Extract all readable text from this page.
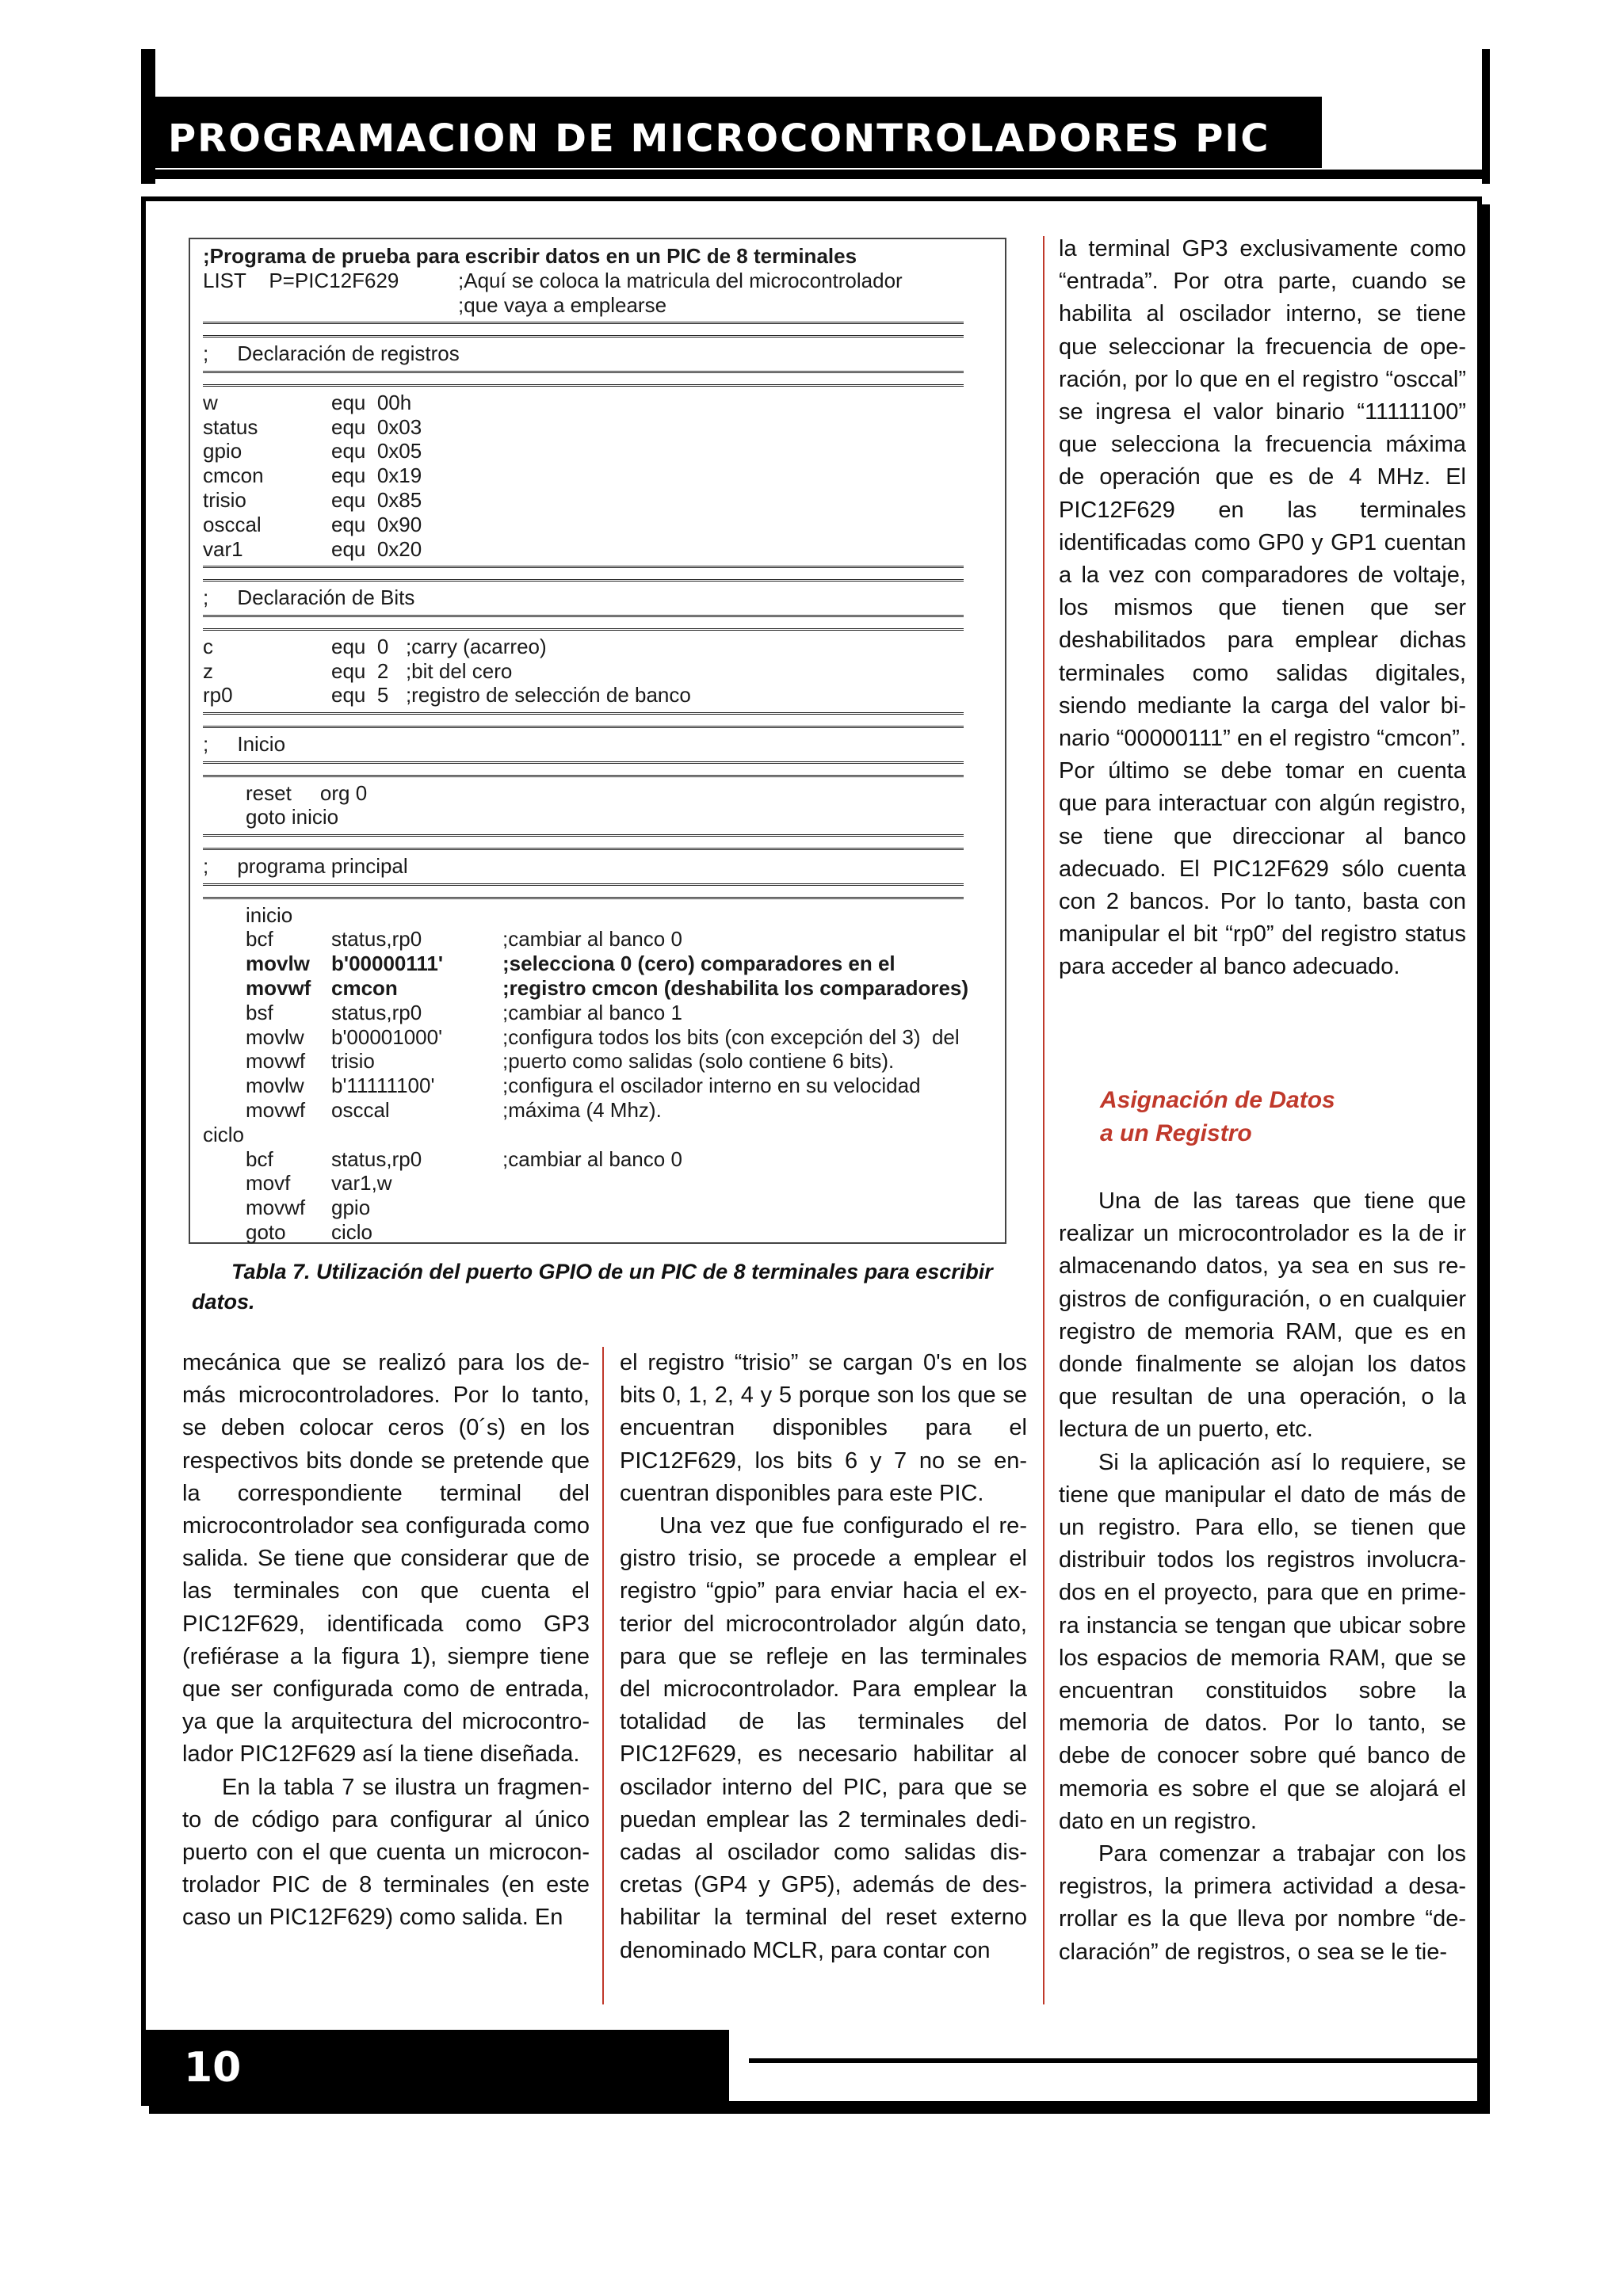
PROGRAMACION DE MICROCONTROLADORES PIC
;Programa de prueba para escribir datos en un PIC de 8 terminales
LIST    P=PIC12F629	;Aquí se coloca la matricula del microcontrolador
;que vaya a emplearse
;     Declaración de registros
w	equ  00h
status	equ  0x03
gpio	equ  0x05
cmcon	equ  0x19
trisio	equ  0x85
osccal	equ  0x90
var1	equ  0x20
;     Declaración de Bits
c	equ  0   ;carry (acarreo)
z	equ  2   ;bit del cero
rp0	equ  5   ;registro de selección de banco
;     Inicio
reset     org 0
goto inicio
;     programa principal
inicio
bcf	status,rp0	;cambiar al banco 0
movlw b'00000111'	;selecciona 0 (cero) comparadores en el
movwf cmcon	;registro cmcon (deshabilita los comparadores)
bsf	status,rp0	;cambiar al banco 1
movlw b'00001000'	;configura todos los bits (con excepción del 3)  del
movwf trisio	;puerto como salidas (solo contiene 6 bits).
movlw b'11111100'	;configura el oscilador interno en su velocidad
movwf osccal	;máxima (4 Mhz).
ciclo
bcf	status,rp0	;cambiar al banco 0
movf var1,w
movwf gpio
goto ciclo
Tabla 7. Utilización del puerto GPIO de un PIC de 8 terminales para escribir datos.

mecánica que se realizó para los demás microcontroladores. Por lo tanto, se deben colocar ceros (0´s) en los respectivos bits donde se pretende que la correspondiente terminal del microcontrolador sea configurada como salida. Se tiene que considerar que de las terminales con que cuenta el PIC12F629, identificada como GP3 (refiérase a la figura 1), siempre tiene que ser configurada como de entrada, ya que la arquitectura del microcontrolador PIC12F629 así la tiene diseñada.

En la tabla 7 se ilustra un fragmento de código para configurar al único puerto con el que cuenta un microcontrolador PIC de 8 terminales (en este caso un PIC12F629) como salida. En

el registro “trisio” se cargan 0's en los bits 0, 1, 2, 4 y 5 porque son los que se encuentran disponibles para el PIC12F629, los bits 6 y 7 no se encuentran disponibles para este PIC.

Una vez que fue configurado el registro trisio, se procede a emplear el registro “gpio” para enviar hacia el exterior del microcontrolador algún dato, para que se refleje en las terminales del microcontrolador. Para emplear la totalidad de las terminales del PIC12F629, es necesario habilitar al oscilador interno del PIC, para que se puedan emplear las 2 terminales dedicadas al oscilador como salidas discretas (GP4 y GP5), además de deshabilitar la terminal del reset externo denominado MCLR, para contar con

la terminal GP3 exclusivamente como “entrada”. Por otra parte, cuando se habilita al oscilador interno, se tiene que seleccionar la frecuencia de operación, por lo que en el registro “osccal” se ingresa el valor binario “11111100” que selecciona la frecuencia máxima de operación que es de 4 MHz. El PIC12F629 en las terminales identificadas como GP0 y GP1 cuentan a la vez con comparadores de voltaje, los mismos que tienen que ser deshabilitados para emplear dichas terminales como salidas digitales, siendo mediante la carga del valor binario “00000111” en el registro “cmcon”. Por último se debe tomar en cuenta que para interactuar con algún registro, se tiene que direccionar al banco adecuado. El PIC12F629 sólo cuenta con 2 bancos. Por lo tanto, basta con manipular el bit “rp0” del registro status para acceder al banco adecuado.

Asignación de Datos
a un Registro

Una de las tareas que tiene que realizar un microcontrolador es la de ir almacenando datos, ya sea en sus registros de configuración, o en cualquier registro de memoria RAM, que es en donde finalmente se alojan los datos que resultan de una operación, o la lectura de un puerto, etc.

Si la aplicación así lo requiere, se tiene que manipular el dato de más de un registro. Para ello, se tienen que distribuir todos los registros involucrados en el proyecto, para que en primera instancia se tengan que ubicar sobre los espacios de memoria RAM, que se encuentran constituidos sobre la memoria de datos. Por lo tanto, se debe de conocer sobre qué banco de memoria es sobre el que se alojará el dato en un registro.

Para comenzar a trabajar con los registros, la primera actividad a desarrollar es la que lleva por nombre “declaración” de registros, o sea se le tie-

10
